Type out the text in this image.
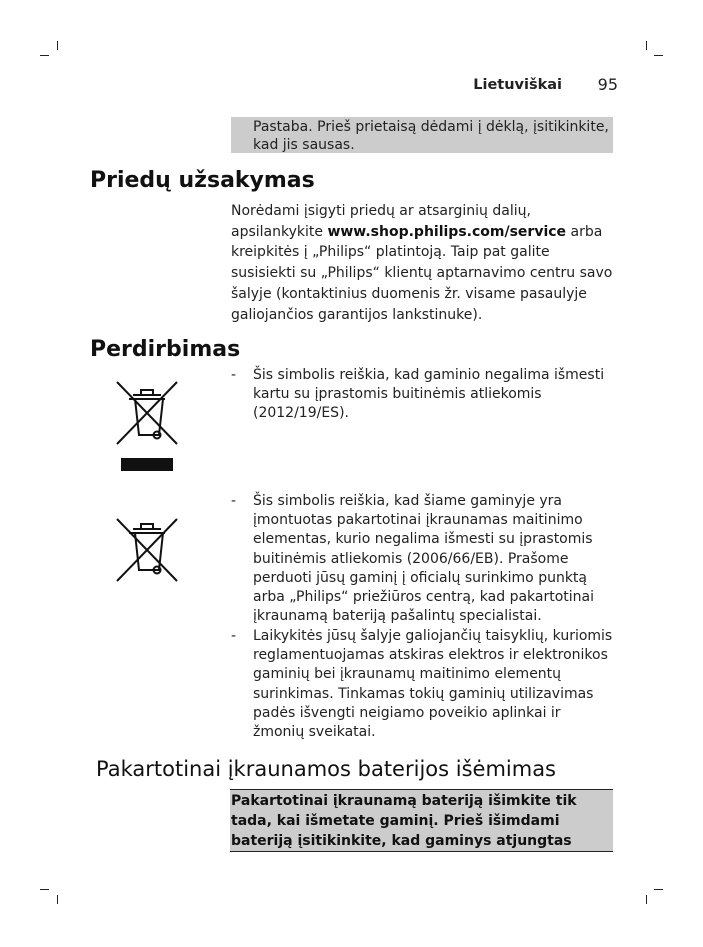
Lietuviškai	95

Pastaba. Prieš prietaisą dėdami į dėklą, įsitikinkite, kad jis sausas.

Priedų užsakymas

Norėdami įsigyti priedų ar atsarginių dalių, apsilankykite www.shop.philips.com/service arba kreipkitės į „Philips“ platintoją. Taip pat galite susisiekti su „Philips“ klientų aptarnavimo centru savo šalyje (kontaktinius duomenis žr. visame pasaulyje galiojančios garantijos lankstinuke).

Perdirbimas
- Šis simbolis reiškia, kad gaminio negalima išmesti kartu su įprastomis buitinėmis atliekomis (2012/19/ES).
- Šis simbolis reiškia, kad šiame gaminyje yra įmontuotas pakartotinai įkraunamas maitinimo elementas, kurio negalima išmesti su įprastomis buitinėmis atliekomis (2006/66/EB). Prašome perduoti jūsų gaminį į oficialų surinkimo punktą arba „Philips“ priežiūros centrą, kad pakartotinai įkraunamą bateriją pašalintų specialistai.
- Laikykitės jūsų šalyje galiojančių taisyklių, kuriomis reglamentuojamas atskiras elektros ir elektronikos gaminių bei įkraunamų maitinimo elementų surinkimas. Tinkamas tokių gaminių utilizavimas padės išvengti neigiamo poveikio aplinkai ir žmonių sveikatai.
Pakartotinai įkraunamos baterijos išėmimas

Pakartotinai įkraunamą bateriją išimkite tik tada, kai išmetate gaminį. Prieš išimdami bateriją įsitikinkite, kad gaminys atjungtas
